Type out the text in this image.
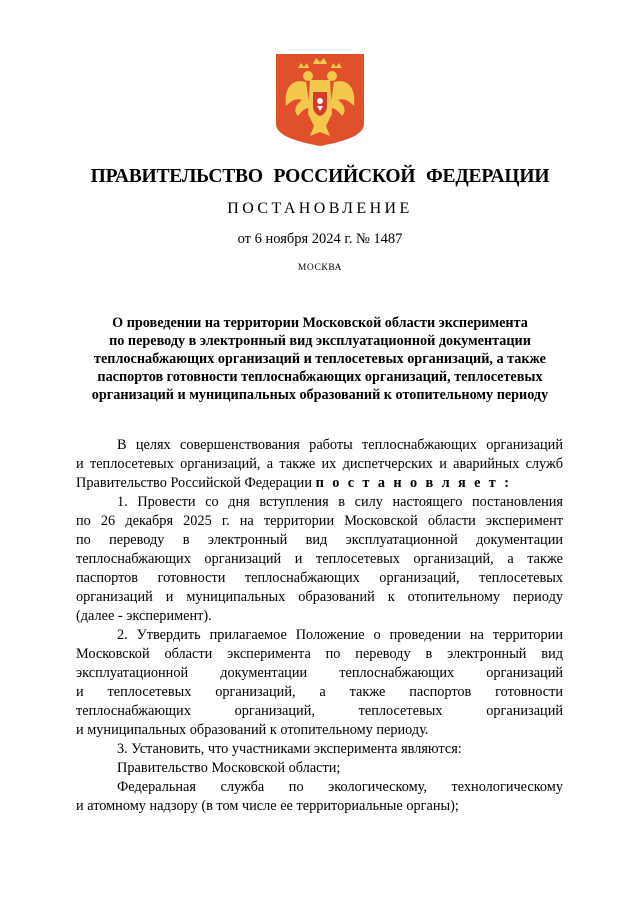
ПРАВИТЕЛЬСТВО РОССИЙСКОЙ ФЕДЕРАЦИИ
ПОСТАНОВЛЕНИЕ
от 6 ноября 2024 г. № 1487
МОСКВА
О проведении на территории Московской области эксперимента
по переводу в электронный вид эксплуатационной документации
теплоснабжающих организаций и теплосетевых организаций, а также
паспортов готовности теплоснабжающих организаций, теплосетевых
организаций и муниципальных образований к отопительному периоду
В целях совершенствования работы теплоснабжающих организаций
и теплосетевых организаций, а также их диспетчерских и аварийных служб
Правительство Российской Федерации п о с т а н о в л я е т :
1. Провести со дня вступления в силу настоящего постановления
по 26 декабря 2025 г. на территории Московской области эксперимент
по переводу в электронный вид эксплуатационной документации
теплоснабжающих организаций и теплосетевых организаций, а также
паспортов готовности теплоснабжающих организаций, теплосетевых
организаций и муниципальных образований к отопительному периоду
(далее - эксперимент).
2. Утвердить прилагаемое Положение о проведении на территории
Московской области эксперимента по переводу в электронный вид
эксплуатационной документации теплоснабжающих организаций
и теплосетевых организаций, а также паспортов готовности
теплоснабжающих организаций, теплосетевых организаций
и муниципальных образований к отопительному периоду.
3. Установить, что участниками эксперимента являются:
Правительство Московской области;
Федеральная служба по экологическому, технологическому
и атомному надзору (в том числе ее территориальные органы);
